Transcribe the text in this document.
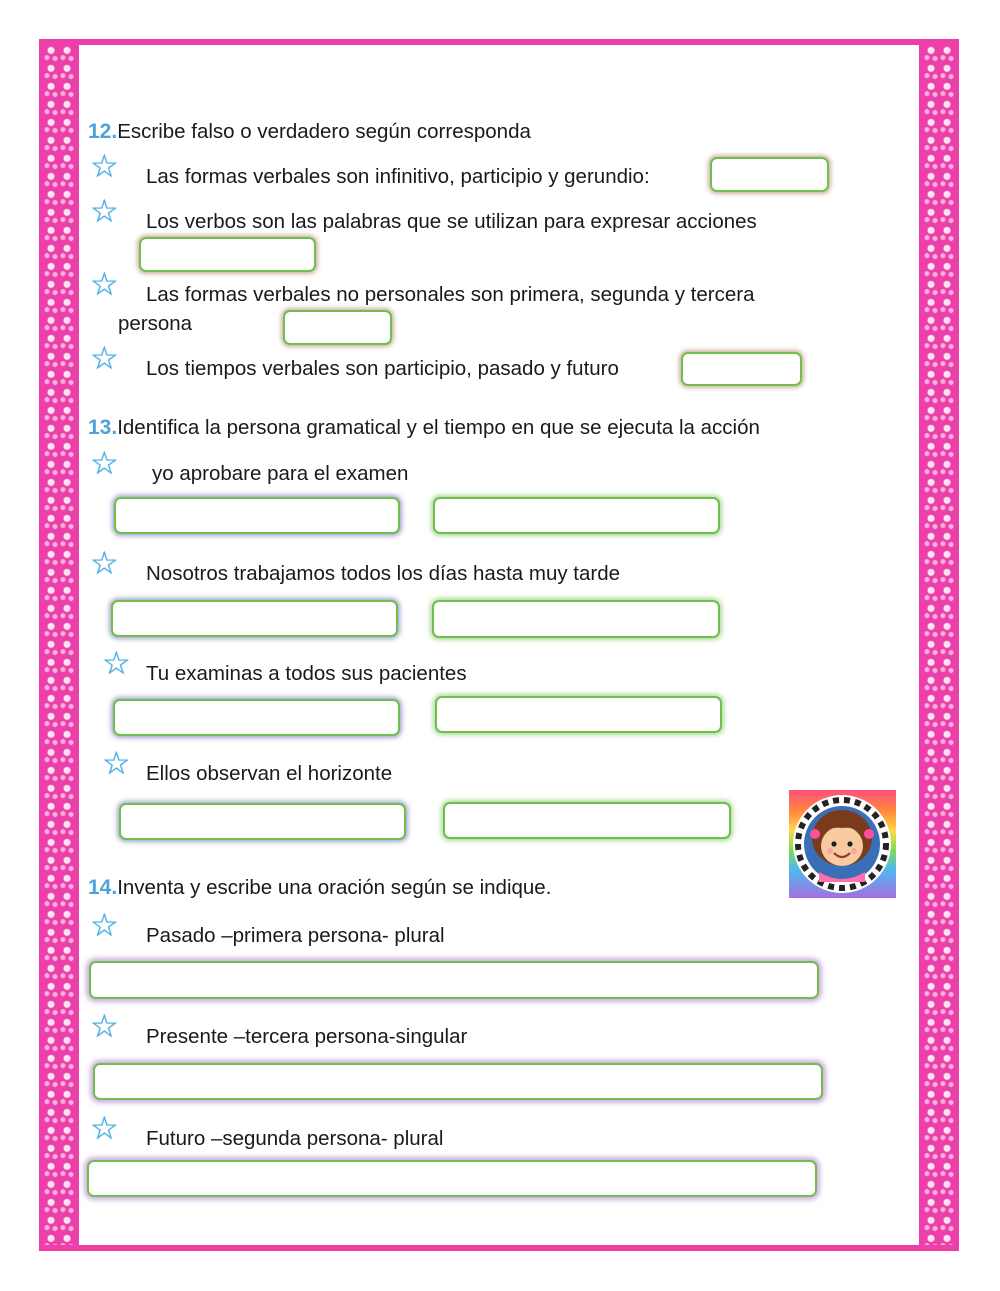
12.Escribe falso o verdadero según corresponda
☆ Las formas verbales son infinitivo, participio y gerundio:
☆ Los verbos son las palabras que se utilizan para expresar acciones
☆ Las formas verbales no personales son primera, segunda y tercera
persona
☆ Los tiempos verbales son participio, pasado y futuro
13.Identifica la persona gramatical y el tiempo en que se ejecuta la acción
☆ yo aprobare para el examen
☆ Nosotros trabajamos todos los días hasta muy tarde
☆ Tu examinas a todos sus pacientes
☆ Ellos observan el horizonte
14.Inventa y escribe una oración según se indique.
☆ Pasado –primera persona- plural
☆ Presente –tercera persona-singular
☆ Futuro –segunda persona- plural
